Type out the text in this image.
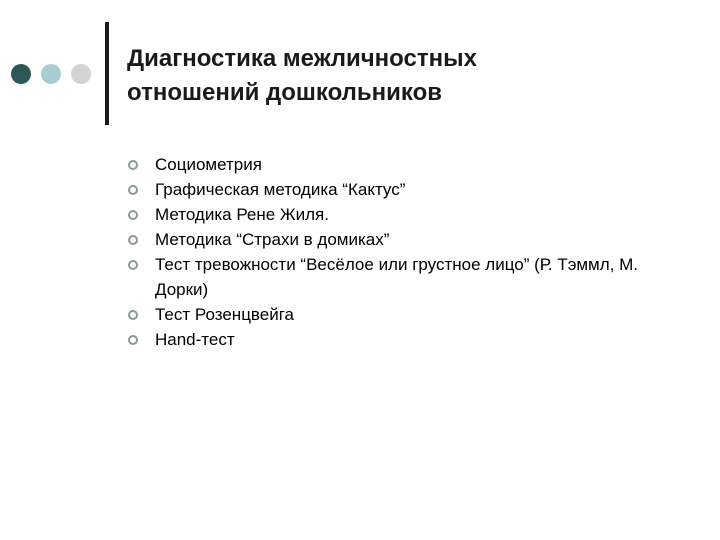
Диагностика межличностных
отношений дошкольников
Социометрия
Графическая методика “Кактус”
Методика Рене Жиля.
Методика “Страхи в домиках”
Тест тревожности “Весёлое или грустное лицо” (Р. Тэммл, М. Дорки)
Тест Розенцвейга
Hand-тест
